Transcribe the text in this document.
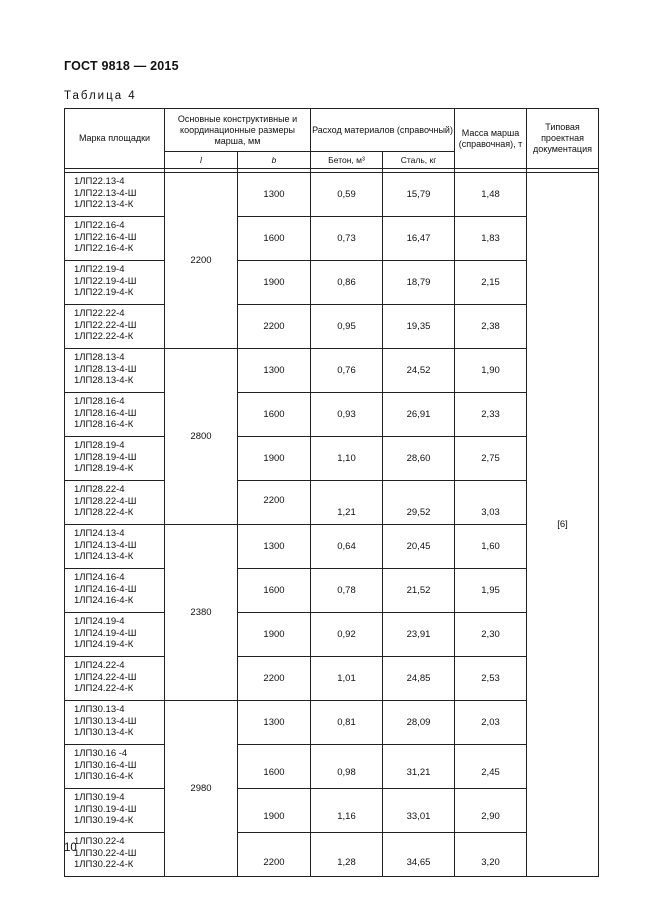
ГОСТ 9818 — 2015
Таблица 4
Марка площадки	Основные конструктивные и координационные размеры марша, мм		Расход материалов (справочный)		Масса марша (справочная), т	Типовая проектная документация
	l	b	Бетон, м³	Сталь, кг		

1ЛП22.13-4
1ЛП22.13-4-Ш
1ЛП22.13-4-К	2200	1300	0,59	15,79	1,48	[6]

1ЛП22.16-4
1ЛП22.16-4-Ш
1ЛП22.16-4-К		1600	0,73	16,47	1,83	

1ЛП22.19-4
1ЛП22.19-4-Ш
1ЛП22.19-4-К		1900	0,86	18,79	2,15	

1ЛП22.22-4
1ЛП22.22-4-Ш
1ЛП22.22-4-К		2200	0,95	19,35	2,38	

1ЛП28.13-4
1ЛП28.13-4-Ш
1ЛП28.13-4-К	2800	1300	0,76	24,52	1,90	

1ЛП28.16-4
1ЛП28.16-4-Ш
1ЛП28.16-4-К		1600	0,93	26,91	2,33	

1ЛП28.19-4
1ЛП28.19-4-Ш
1ЛП28.19-4-К		1900	1,10	28,60	2,75	

1ЛП28.22-4
1ЛП28.22-4-Ш
1ЛП28.22-4-К		2200	1,21	29,52	3,03	

1ЛП24.13-4
1ЛП24.13-4-Ш
1ЛП24.13-4-К	2380	1300	0,64	20,45	1,60	

1ЛП24.16-4
1ЛП24.16-4-Ш
1ЛП24.16-4-К		1600	0,78	21,52	1,95	

1ЛП24.19-4
1ЛП24.19-4-Ш
1ЛП24.19-4-К		1900	0,92	23,91	2,30	

1ЛП24.22-4
1ЛП24.22-4-Ш
1ЛП24.22-4-К		2200	1,01	24,85	2,53	

1ЛП30.13-4
1ЛП30.13-4-Ш
1ЛП30.13-4-К	2980	1300	0,81	28,09	2,03	

1ЛП30.16 -4
1ЛП30.16-4-Ш
1ЛП30.16-4-К		1600	0,98	31,21	2,45	

1ЛП30.19-4
1ЛП30.19-4-Ш
1ЛП30.19-4-К		1900	1,16	33,01	2,90	

1ЛП30.22-4
1ЛП30.22-4-Ш
1ЛП30.22-4-К		2200	1,28	34,65	3,20	
10
